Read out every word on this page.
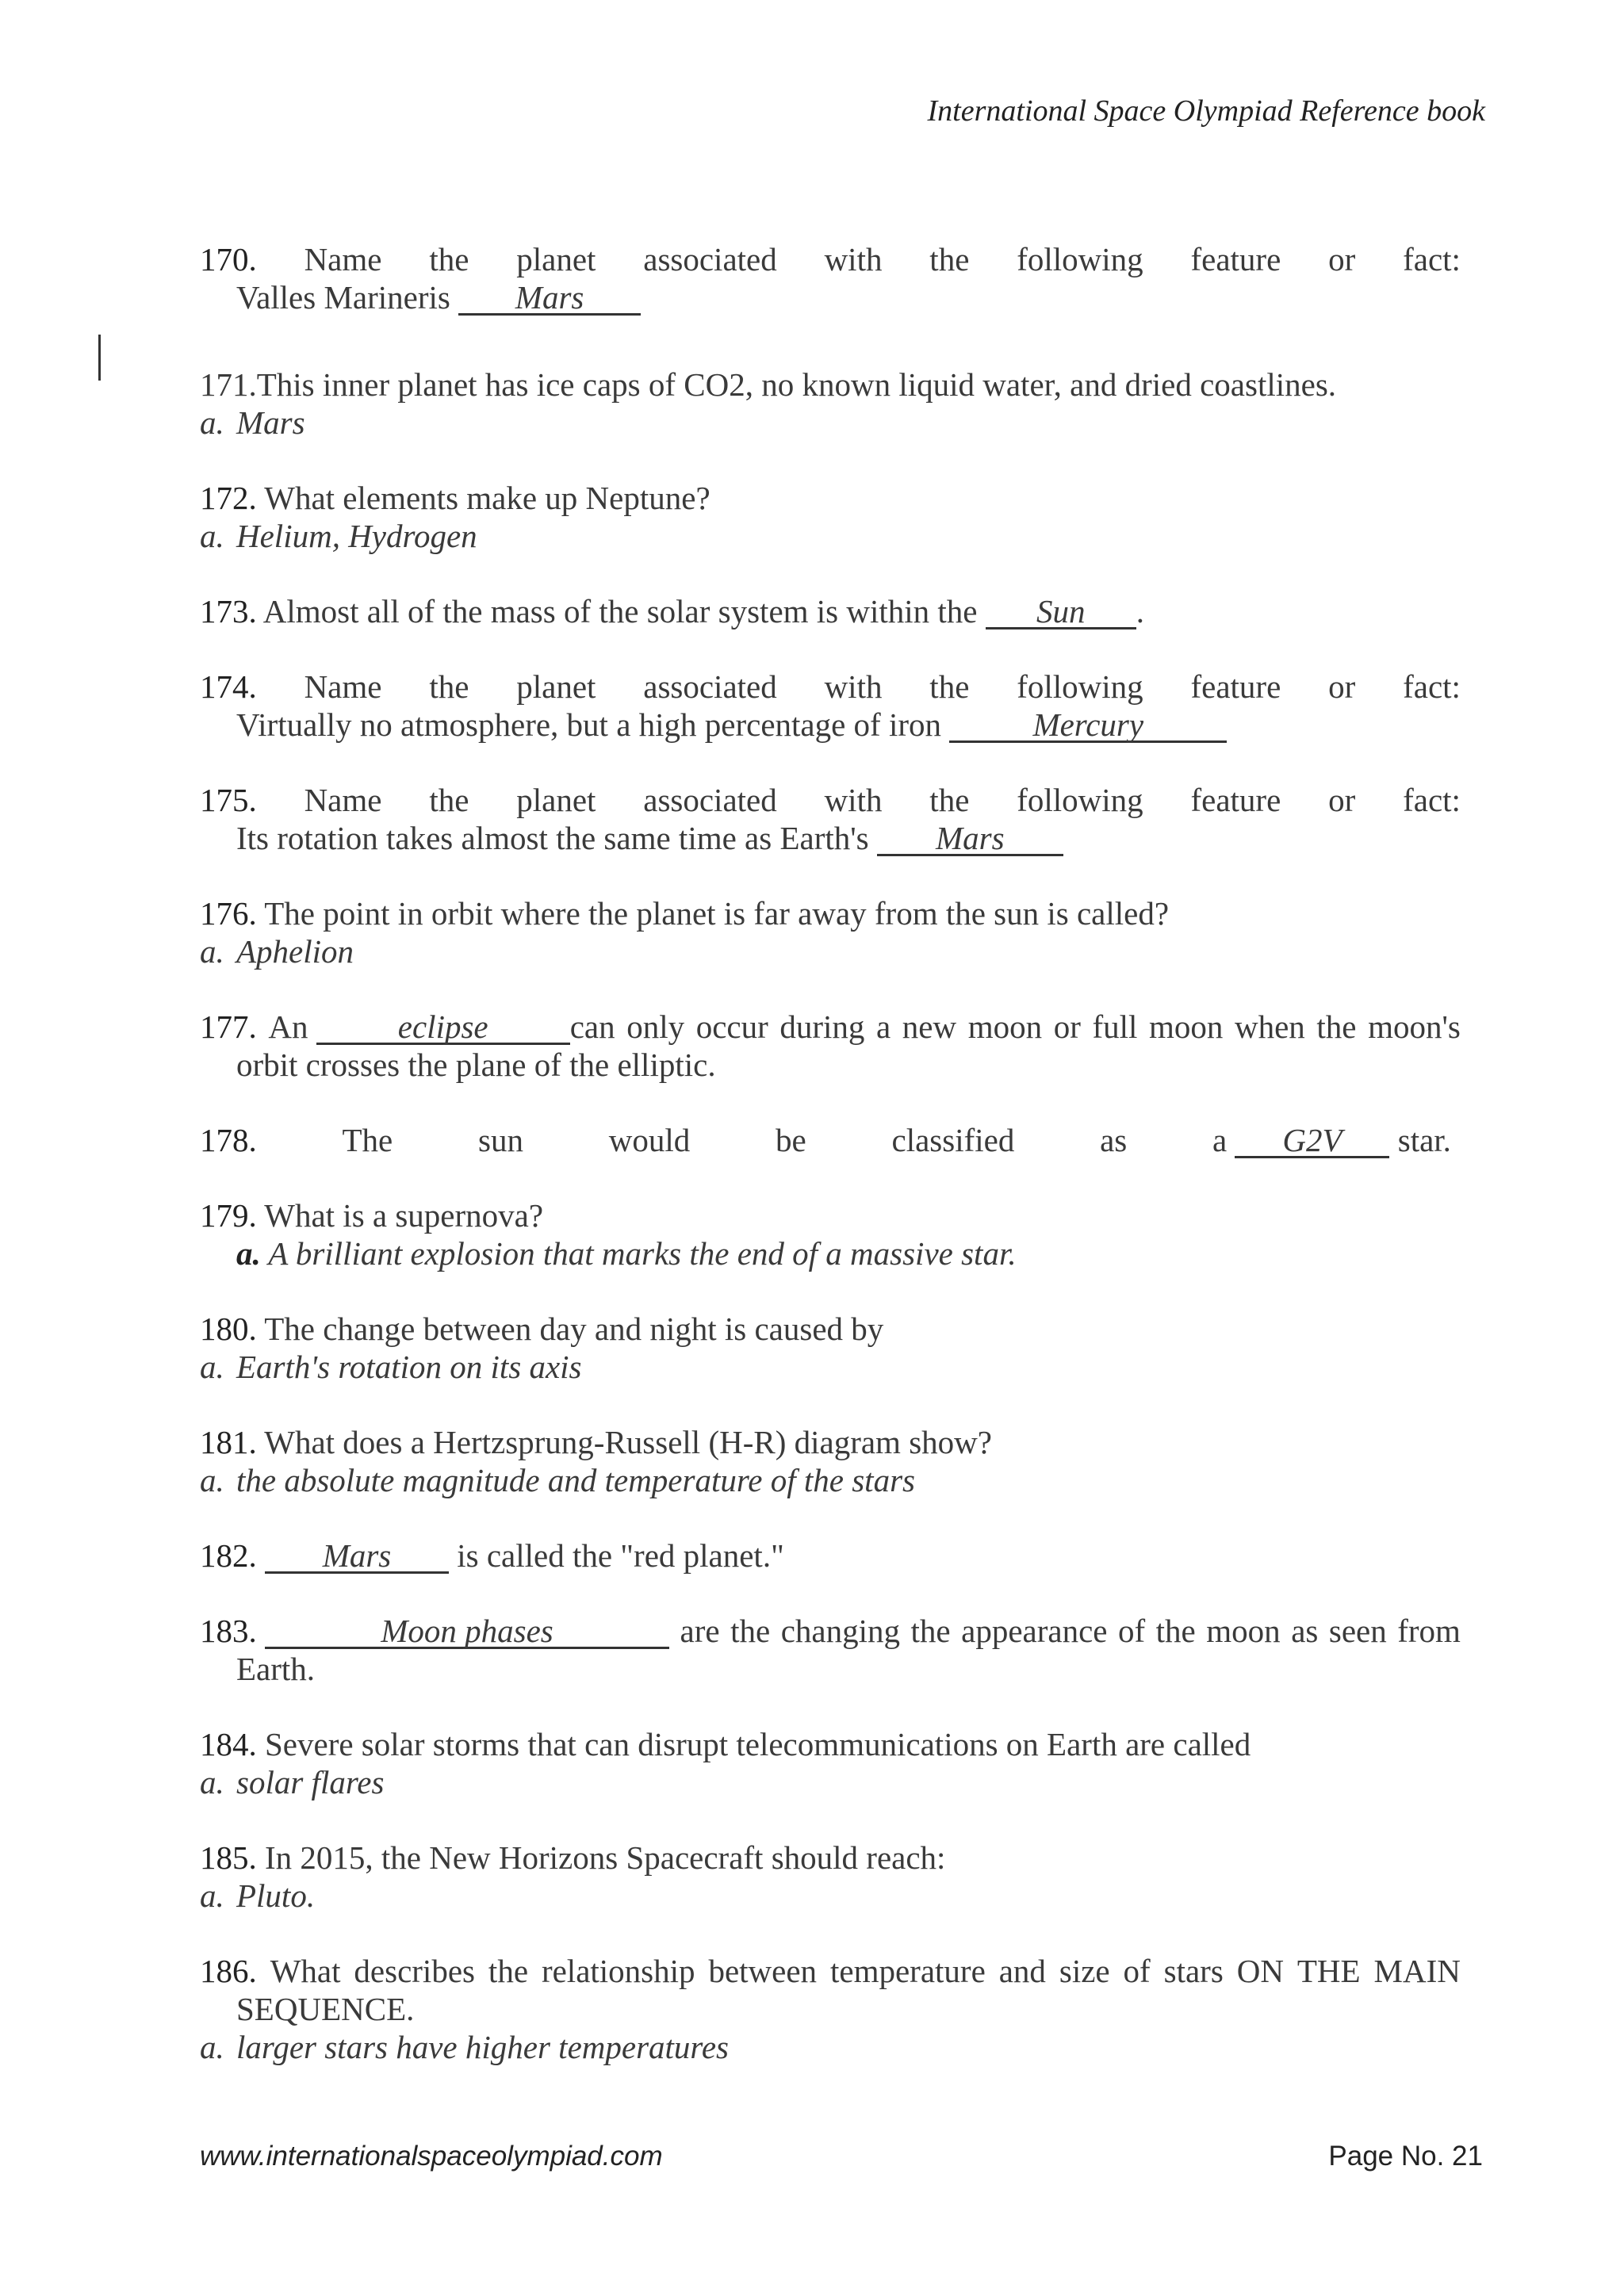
International Space Olympiad Reference book
170. Name the planet associated with the following feature or fact:
Valles Marineris Mars
171.This inner planet has ice caps of CO2, no known liquid water, and dried coastlines.
a. Mars
172. What elements make up Neptune?
a. Helium, Hydrogen
173. Almost all of the mass of the solar system is within the Sun .
174. Name the planet associated with the following feature or fact:
Virtually no atmosphere, but a high percentage of iron	Mercury
175. Name the planet associated with the following feature or fact:
Its rotation takes almost the same time as Earth's Mars
176. The point in orbit where the planet is far away from the sun is called?
a. Aphelion
177. An	eclipse	can only occur during a new moon or full moon when the moon's
orbit crosses the plane of the elliptic.
178.	The	sun	would	be	classified	as	a G2V star.
179. What is a supernova?
a. A brilliant explosion that marks the end of a massive star.
180. The change between day and night is caused by
a. Earth's rotation on its axis
181. What does a Hertzsprung-Russell (H-R) diagram show?
a. the absolute magnitude and temperature of the stars
182. Mars is called the "red planet."
183.	Moon phases	are the changing the appearance of the moon as seen from
Earth.
184. Severe solar storms that can disrupt telecommunications on Earth are called
a. solar flares
185. In 2015, the New Horizons Spacecraft should reach:
a. Pluto.
186. What describes the relationship between temperature and size of stars ON THE MAIN
SEQUENCE.
a. larger stars have higher temperatures
www.internationalspaceolympiad.com	Page No. 21
